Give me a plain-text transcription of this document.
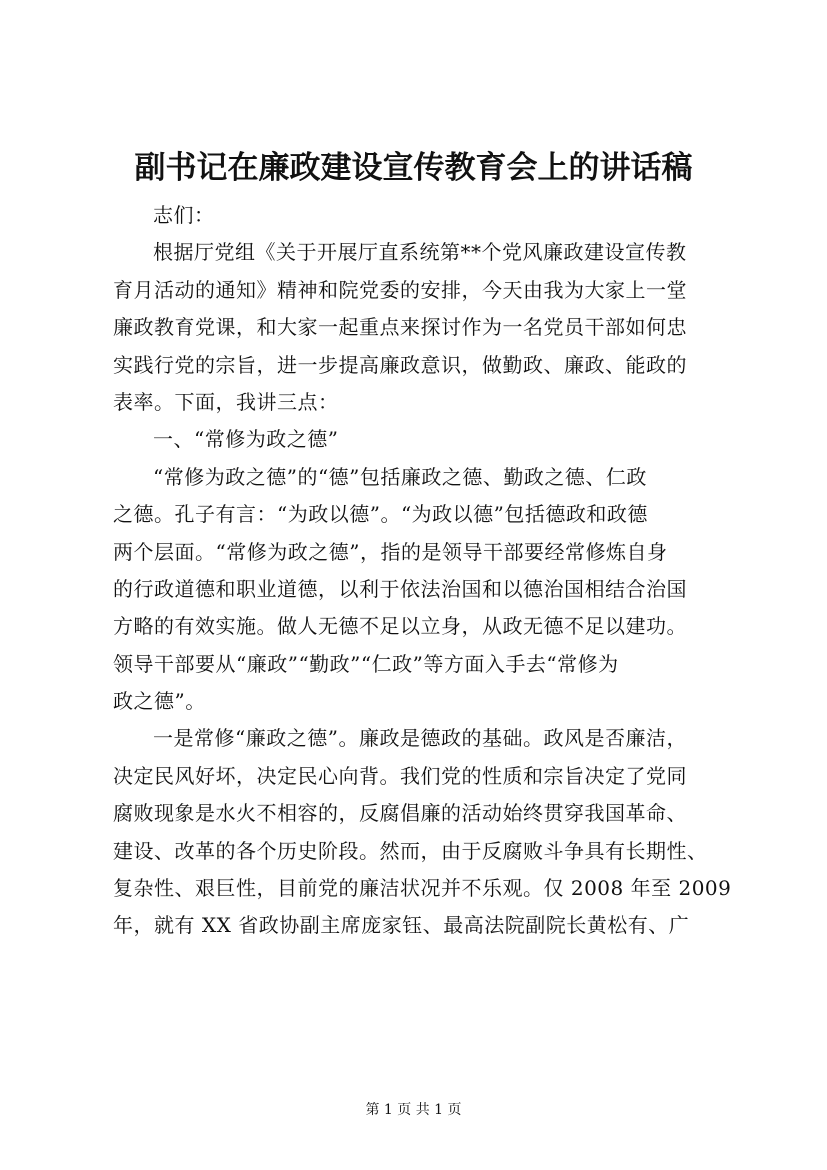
副书记在廉政建设宣传教育会上的讲话稿
志们：
根据厅党组《关于开展厅直系统第**个党风廉政建设宣传教
育月活动的通知》精神和院党委的安排，今天由我为大家上一堂
廉政教育党课，和大家一起重点来探讨作为一名党员干部如何忠
实践行党的宗旨，进一步提高廉政意识，做勤政、廉政、能政的
表率。下面，我讲三点：
一、“常修为政之德”
“常修为政之德”的“德”包括廉政之德、勤政之德、仁政
之德。孔子有言：“为政以德”。“为政以德”包括德政和政德
两个层面。“常修为政之德”，指的是领导干部要经常修炼自身
的行政道德和职业道德，以利于依法治国和以德治国相结合治国
方略的有效实施。做人无德不足以立身，从政无德不足以建功。
领导干部要从“廉政”“勤政”“仁政”等方面入手去“常修为
政之德”。
一是常修“廉政之德”。廉政是德政的基础。政风是否廉洁，
决定民风好坏，决定民心向背。我们党的性质和宗旨决定了党同
腐败现象是水火不相容的，反腐倡廉的活动始终贯穿我国革命、
建设、改革的各个历史阶段。然而，由于反腐败斗争具有长期性、
复杂性、艰巨性，目前党的廉洁状况并不乐观。仅 2008 年至 2009
年，就有 XX 省政协副主席庞家钰、最高法院副院长黄松有、广
第 1 页 共 1 页
